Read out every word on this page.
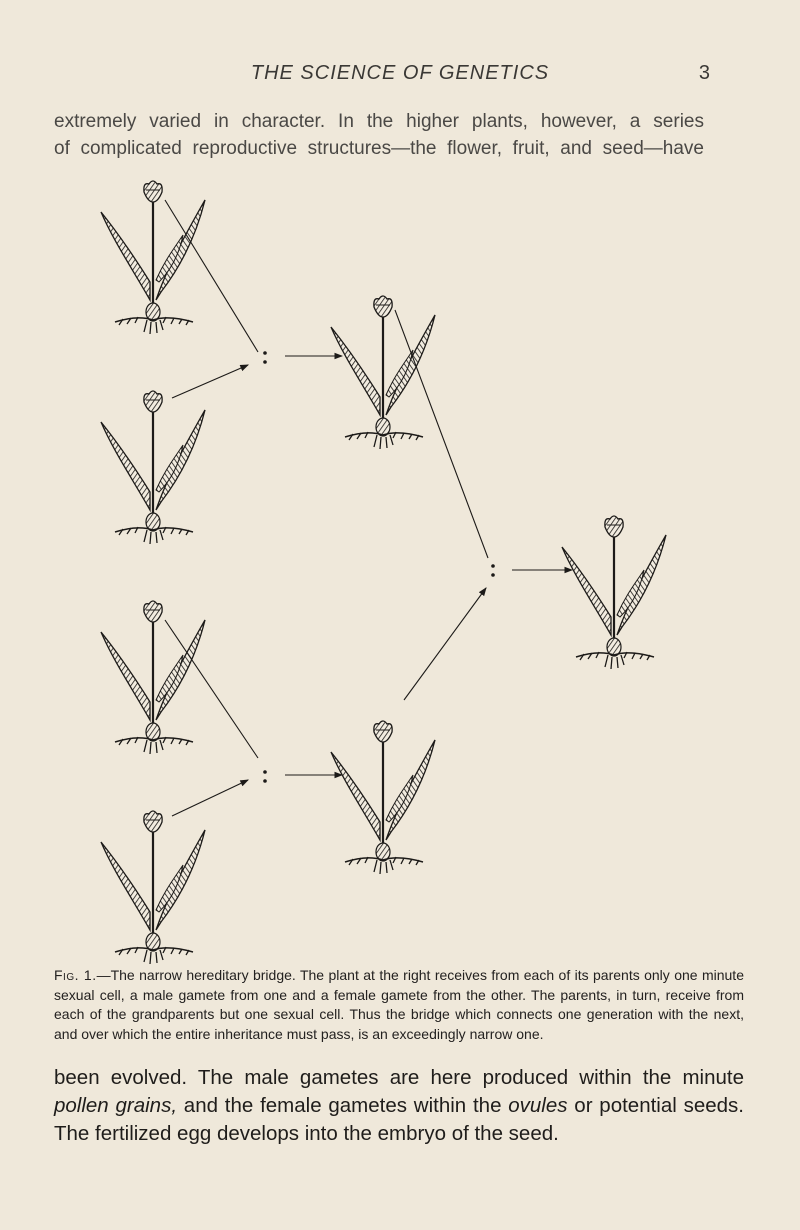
THE SCIENCE OF GENETICS	3

extremely varied in character. In the higher plants, however, a series

of complicated reproductive structures—the flower, fruit, and seed—have

Fig. 1.—The narrow hereditary bridge. The plant at the right receives from each of its parents only one minute sexual cell, a male gamete from one and a female gamete from the other. The parents, in turn, receive from each of the grandparents but one sexual cell. Thus the bridge which connects one generation with the next, and over which the entire inheritance must pass, is an exceedingly narrow one.

been evolved. The male gametes are here produced within the minute pollen grains, and the female gametes within the ovules or potential seeds. The fertilized egg develops into the embryo of the seed.
